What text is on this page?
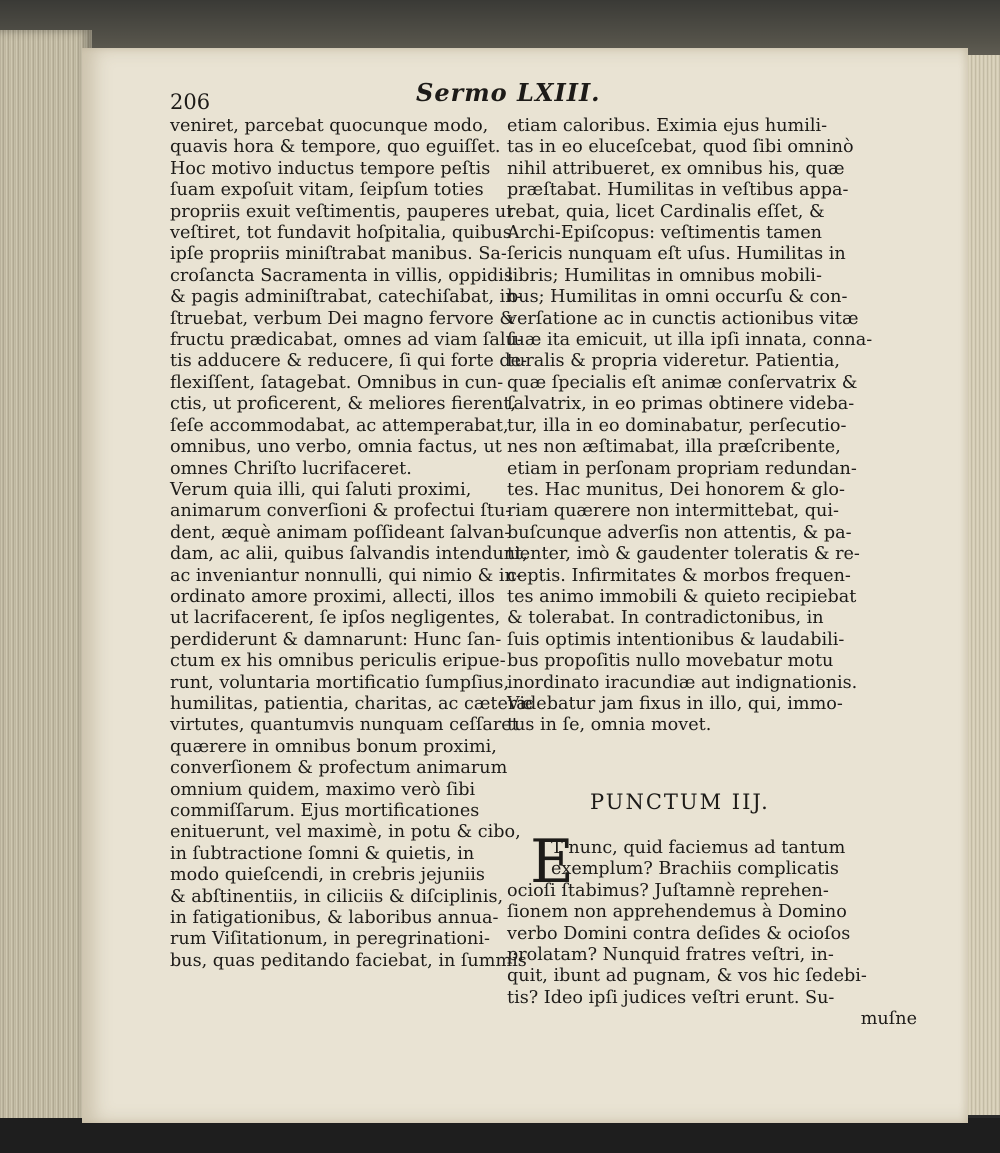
206	Sermo LXIII.
veniret, parcebat quocunque modo,
quavis hora & tempore, quo eguiſſet.
Hoc motivo inductus tempore peſtis
ſuam expoſuit vitam, ſeipſum toties
propriis exuit veſtimentis, pauperes ut
veſtiret, tot fundavit hoſpitalia, quibus
ipſe propriis miniſtrabat manibus. Sa-
croſancta Sacramenta in villis, oppidis
& pagis adminiſtrabat, catechiſabat, in-
ſtruebat, verbum Dei magno fervore &
fructu prædicabat, omnes ad viam ſalu-
tis adducere & reducere, ſi qui forte de-
flexiſſent, ſatagebat. Omnibus in cun-
ctis, ut proficerent, & meliores fierent,
ſeſe accommodabat, ac attemperabat,
omnibus, uno verbo, omnia factus, ut
omnes Chriſto lucrifaceret.
Verum quia illi, qui ſaluti proximi,
animarum converſioni & profectui ſtu-
dent, æquè animam poſſideant ſalvan-
dam, ac alii, quibus ſalvandis intendunt,
ac inveniantur nonnulli, qui nimio & in-
ordinato amore proximi, allecti, illos
ut lacrifacerent, ſe ipſos negligentes,
perdiderunt & damnarunt: Hunc ſan-
ctum ex his omnibus periculis eripue-
runt, voluntaria mortificatio ſumpſius,
humilitas, patientia, charitas, ac cæteræ
virtutes, quantumvis nunquam ceſſaret
quærere in omnibus bonum proximi,
converſionem & profectum animarum
omnium quidem, maximo verò ſibi
commiſſarum. Ejus mortificationes
enituerunt, vel maximè, in potu & cibo,
in ſubtractione ſomni & quietis, in
modo quieſcendi, in crebris jejuniis
& abſtinentiis, in ciliciis & diſciplinis,
in fatigationibus, & laboribus annua-
rum Viſitationum, in peregrinationi-
bus, quas peditando faciebat, in ſummis
etiam caloribus. Eximia ejus humili-
tas in eo eluceſcebat, quod ſibi omninò
nihil attribueret, ex omnibus his, quæ
præſtabat. Humilitas in veſtibus appa-
rebat, quia, licet Cardinalis eſſet, &
Archi-Epiſcopus: veſtimentis tamen
ſericis nunquam eſt uſus. Humilitas in
libris; Humilitas in omnibus mobili-
bus; Humilitas in omni occurſu & con-
verſatione ac in cunctis actionibus vitæ
ſuæ ita emicuit, ut illa ipſi innata, conna-
turalis & propria videretur. Patientia,
quæ ſpecialis eſt animæ conſervatrix &
ſalvatrix, in eo primas obtinere videba-
tur, illa in eo dominabatur, perſecutio-
nes non æſtimabat, illa præſcribente,
etiam in perſonam propriam redundan-
tes. Hac munitus, Dei honorem & glo-
riam quærere non intermittebat, qui-
buſcunque adverſis non attentis, & pa-
tienter, imò & gaudenter toleratis & re-
ceptis. Infirmitates & morbos frequen-
tes animo immobili & quieto recipiebat
& tolerabat. In contradictonibus, in
ſuis optimis intentionibus & laudabili-
bus propoſitis nullo movebatur motu
inordinato iracundiæ aut indignationis.
Videbatur jam fixus in illo, qui, immo-
tus in ſe, omnia movet.
PUNCTUM IIJ.
E
T nunc, quid faciemus ad tantum
exemplum? Brachiis complicatis
ocioſi ſtabimus? Juſtamnè reprehen-
ſionem non apprehendemus à Domino
verbo Domini contra deſides & ocioſos
prolatam? Nunquid fratres veſtri, in-
quit, ibunt ad pugnam, & vos hic ſedebi-
tis? Ideo ipſi judices veſtri erunt. Su-
muſne
